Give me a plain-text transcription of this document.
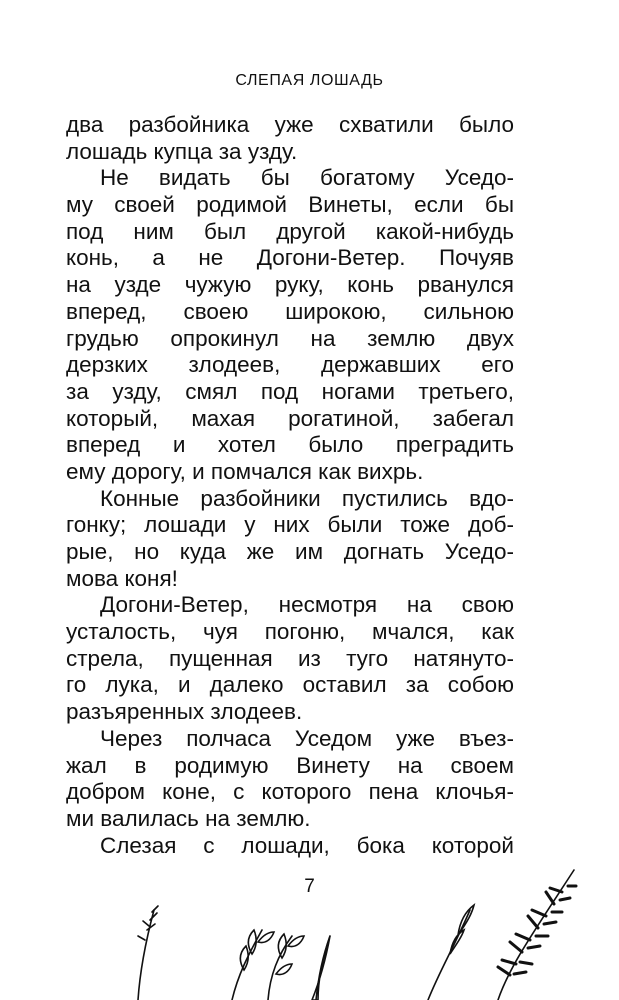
СЛЕПАЯ ЛОШАДЬ
два разбойника уже схватили было
лошадь купца за узду.
Не видать бы богатому Уседо-
му своей родимой Винеты, если бы
под ним был другой какой-нибудь
конь, а не Догони-Ветер. Почуяв
на узде чужую руку, конь рванулся
вперед, своею широкою, сильною
грудью опрокинул на землю двух
дерзких злодеев, державших его
за узду, смял под ногами третьего,
который, махая рогатиной, забегал
вперед и хотел было преградить
ему дорогу, и помчался как вихрь.
Конные разбойники пустились вдо-
гонку; лошади у них были тоже доб-
рые, но куда же им догнать Уседо-
мова коня!
Догони-Ветер, несмотря на свою
усталость, чуя погоню, мчался, как
стрела, пущенная из туго натянуто-
го лука, и далеко оставил за собою
разъяренных злодеев.
Через полчаса Уседом уже въез-
жал в родимую Винету на своем
добром коне, с которого пена клочья-
ми валилась на землю.
Слезая с лошади, бока которой
7
